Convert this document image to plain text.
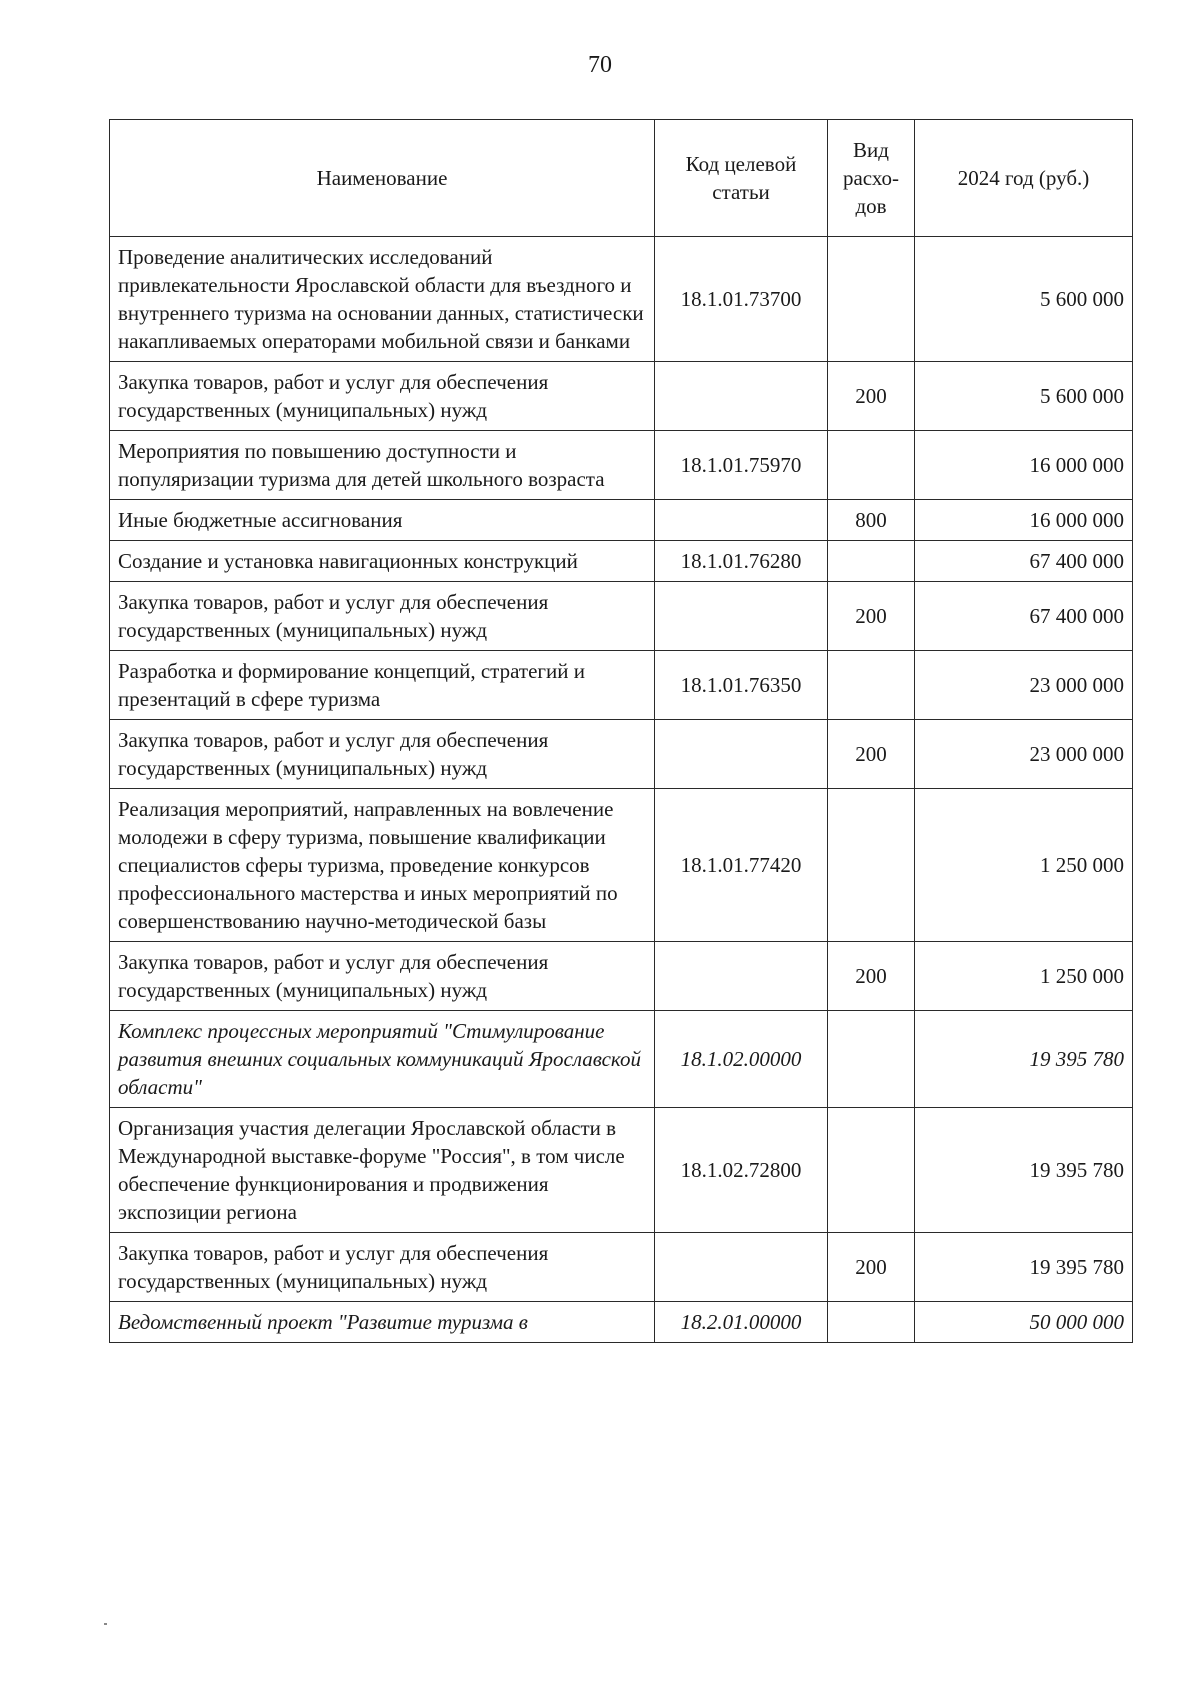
70
Наименование	Код целевой статьи	Вид расхо-дов	2024 год (руб.)
Проведение аналитических исследований привлекательности Ярославской области для въездного и внутреннего туризма на основании данных, статистически накапливаемых операторами мобильной связи и банками	18.1.01.73700		5 600 000
Закупка товаров, работ и услуг для обеспечения государственных (муниципальных) нужд		200	5 600 000
Мероприятия по повышению доступности и популяризации туризма для детей школьного возраста	18.1.01.75970		16 000 000
Иные бюджетные ассигнования		800	16 000 000
Создание и установка навигационных конструкций	18.1.01.76280		67 400 000
Закупка товаров, работ и услуг для обеспечения государственных (муниципальных) нужд		200	67 400 000
Разработка и формирование концепций, стратегий и презентаций в сфере туризма	18.1.01.76350		23 000 000
Закупка товаров, работ и услуг для обеспечения государственных (муниципальных) нужд		200	23 000 000
Реализация мероприятий, направленных на вовлечение молодежи в сферу туризма, повышение квалификации специалистов сферы туризма, проведение конкурсов профессионального мастерства и иных мероприятий по совершенствованию научно-методической базы	18.1.01.77420		1 250 000
Закупка товаров, работ и услуг для обеспечения государственных (муниципальных) нужд		200	1 250 000
Комплекс процессных мероприятий "Стимулирование развития внешних социальных коммуникаций Ярославской области"	18.1.02.00000		19 395 780
Организация участия делегации Ярославской области в Международной выставке-форуме "Россия", в том числе обеспечение функционирования и продвижения экспозиции региона	18.1.02.72800		19 395 780
Закупка товаров, работ и услуг для обеспечения государственных (муниципальных) нужд		200	19 395 780
Ведомственный проект "Развитие туризма в	18.2.01.00000		50 000 000
